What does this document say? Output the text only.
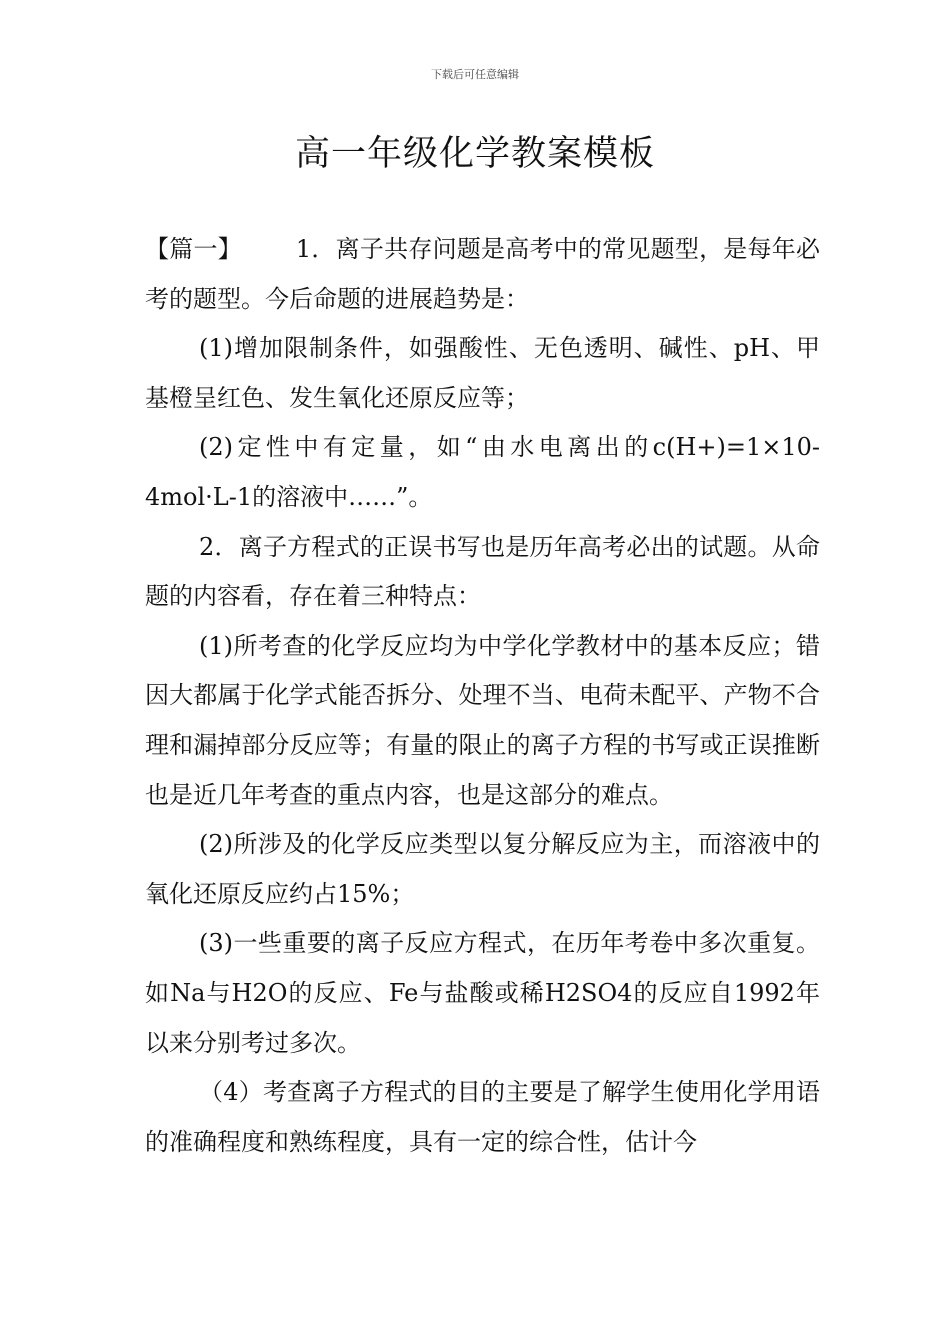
下载后可任意编辑
高一年级化学教案模板

【篇一】 1．离子共存问题是高考中的常见题型，是每年必考的题型。今后命题的进展趋势是：

(1)增加限制条件，如强酸性、无色透明、碱性、pH、甲基橙呈红色、发生氧化还原反应等；

(2)定性中有定量，如“由水电离出的c(H+)=1×10-4mol·L-1的溶液中……”。

2．离子方程式的正误书写也是历年高考必出的试题。从命题的内容看，存在着三种特点：

(1)所考查的化学反应均为中学化学教材中的基本反应；错因大都属于化学式能否拆分、处理不当、电荷未配平、产物不合理和漏掉部分反应等；有量的限止的离子方程的书写或正误推断也是近几年考查的重点内容，也是这部分的难点。

(2)所涉及的化学反应类型以复分解反应为主，而溶液中的氧化还原反应约占15%；

(3)一些重要的离子反应方程式，在历年考卷中多次重复。如Na与H2O的反应、Fe与盐酸或稀H2SO4的反应自1992年以来分别考过多次。

（4）考查离子方程式的目的主要是了解学生使用化学用语的准确程度和熟练程度，具有一定的综合性，估计今
